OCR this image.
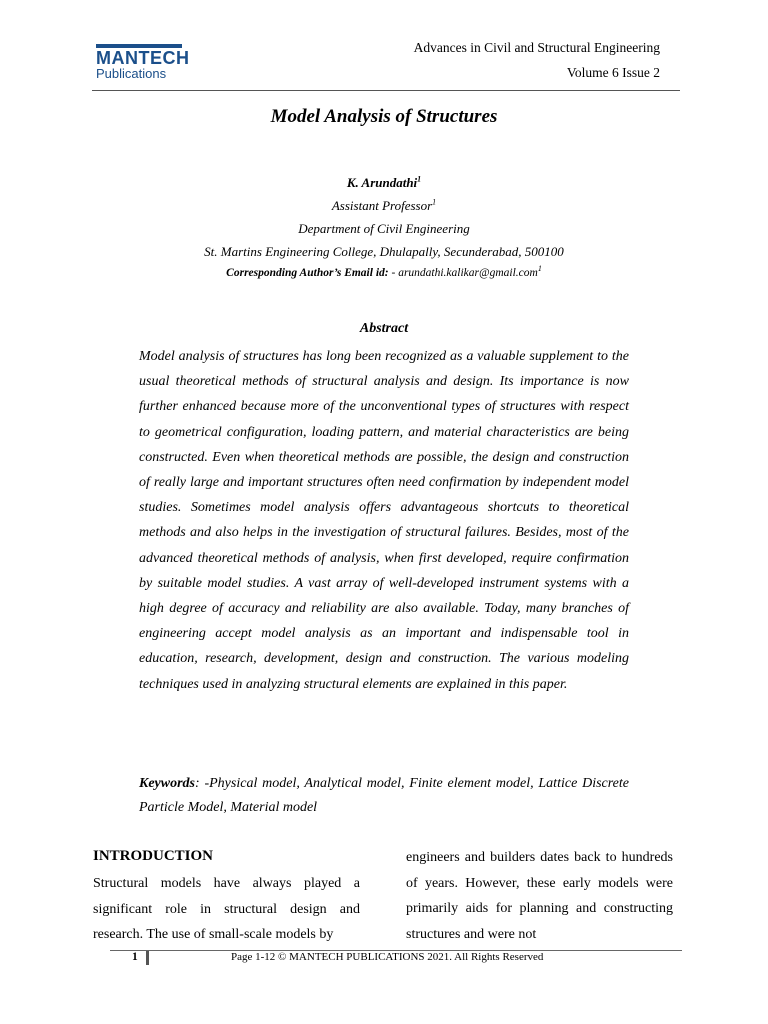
MANTECH
Publications
Advances in Civil and Structural Engineering
Volume 6 Issue 2
Model Analysis of Structures
K. Arundathi$^1$
Assistant Professor$^1$
Department of Civil Engineering
St. Martins Engineering College, Dhulapally, Secunderabad, 500100
Corresponding Author’s Email id: - arundathi.kalikar@gmail.com$^1$
Abstract

Model analysis of structures has long been recognized as a valuable supplement to the usual theoretical methods of structural analysis and design. Its importance is now further enhanced because more of the unconventional types of structures with respect to geometrical configuration, loading pattern, and material characteristics are being constructed. Even when theoretical methods are possible, the design and construction of really large and important structures often need confirmation by independent model studies. Sometimes model analysis offers advantageous shortcuts to theoretical methods and also helps in the investigation of structural failures. Besides, most of the advanced theoretical methods of analysis, when first developed, require confirmation by suitable model studies. A vast array of well-developed instrument systems with a high degree of accuracy and reliability are also available. Today, many branches of engineering accept model analysis as an important and indispensable tool in education, research, development, design and construction. The various modeling techniques used in analyzing structural elements are explained in this paper.

Keywords: -Physical model, Analytical model, Finite element model, Lattice Discrete Particle Model, Material model

INTRODUCTION

Structural models have always played a significant role in structural design and research. The use of small-scale models by

engineers and builders dates back to hundreds of years. However, these early models were primarily aids for planning and constructing structures and were not

1	Page 1-12 © MANTECH PUBLICATIONS 2021. All Rights Reserved
